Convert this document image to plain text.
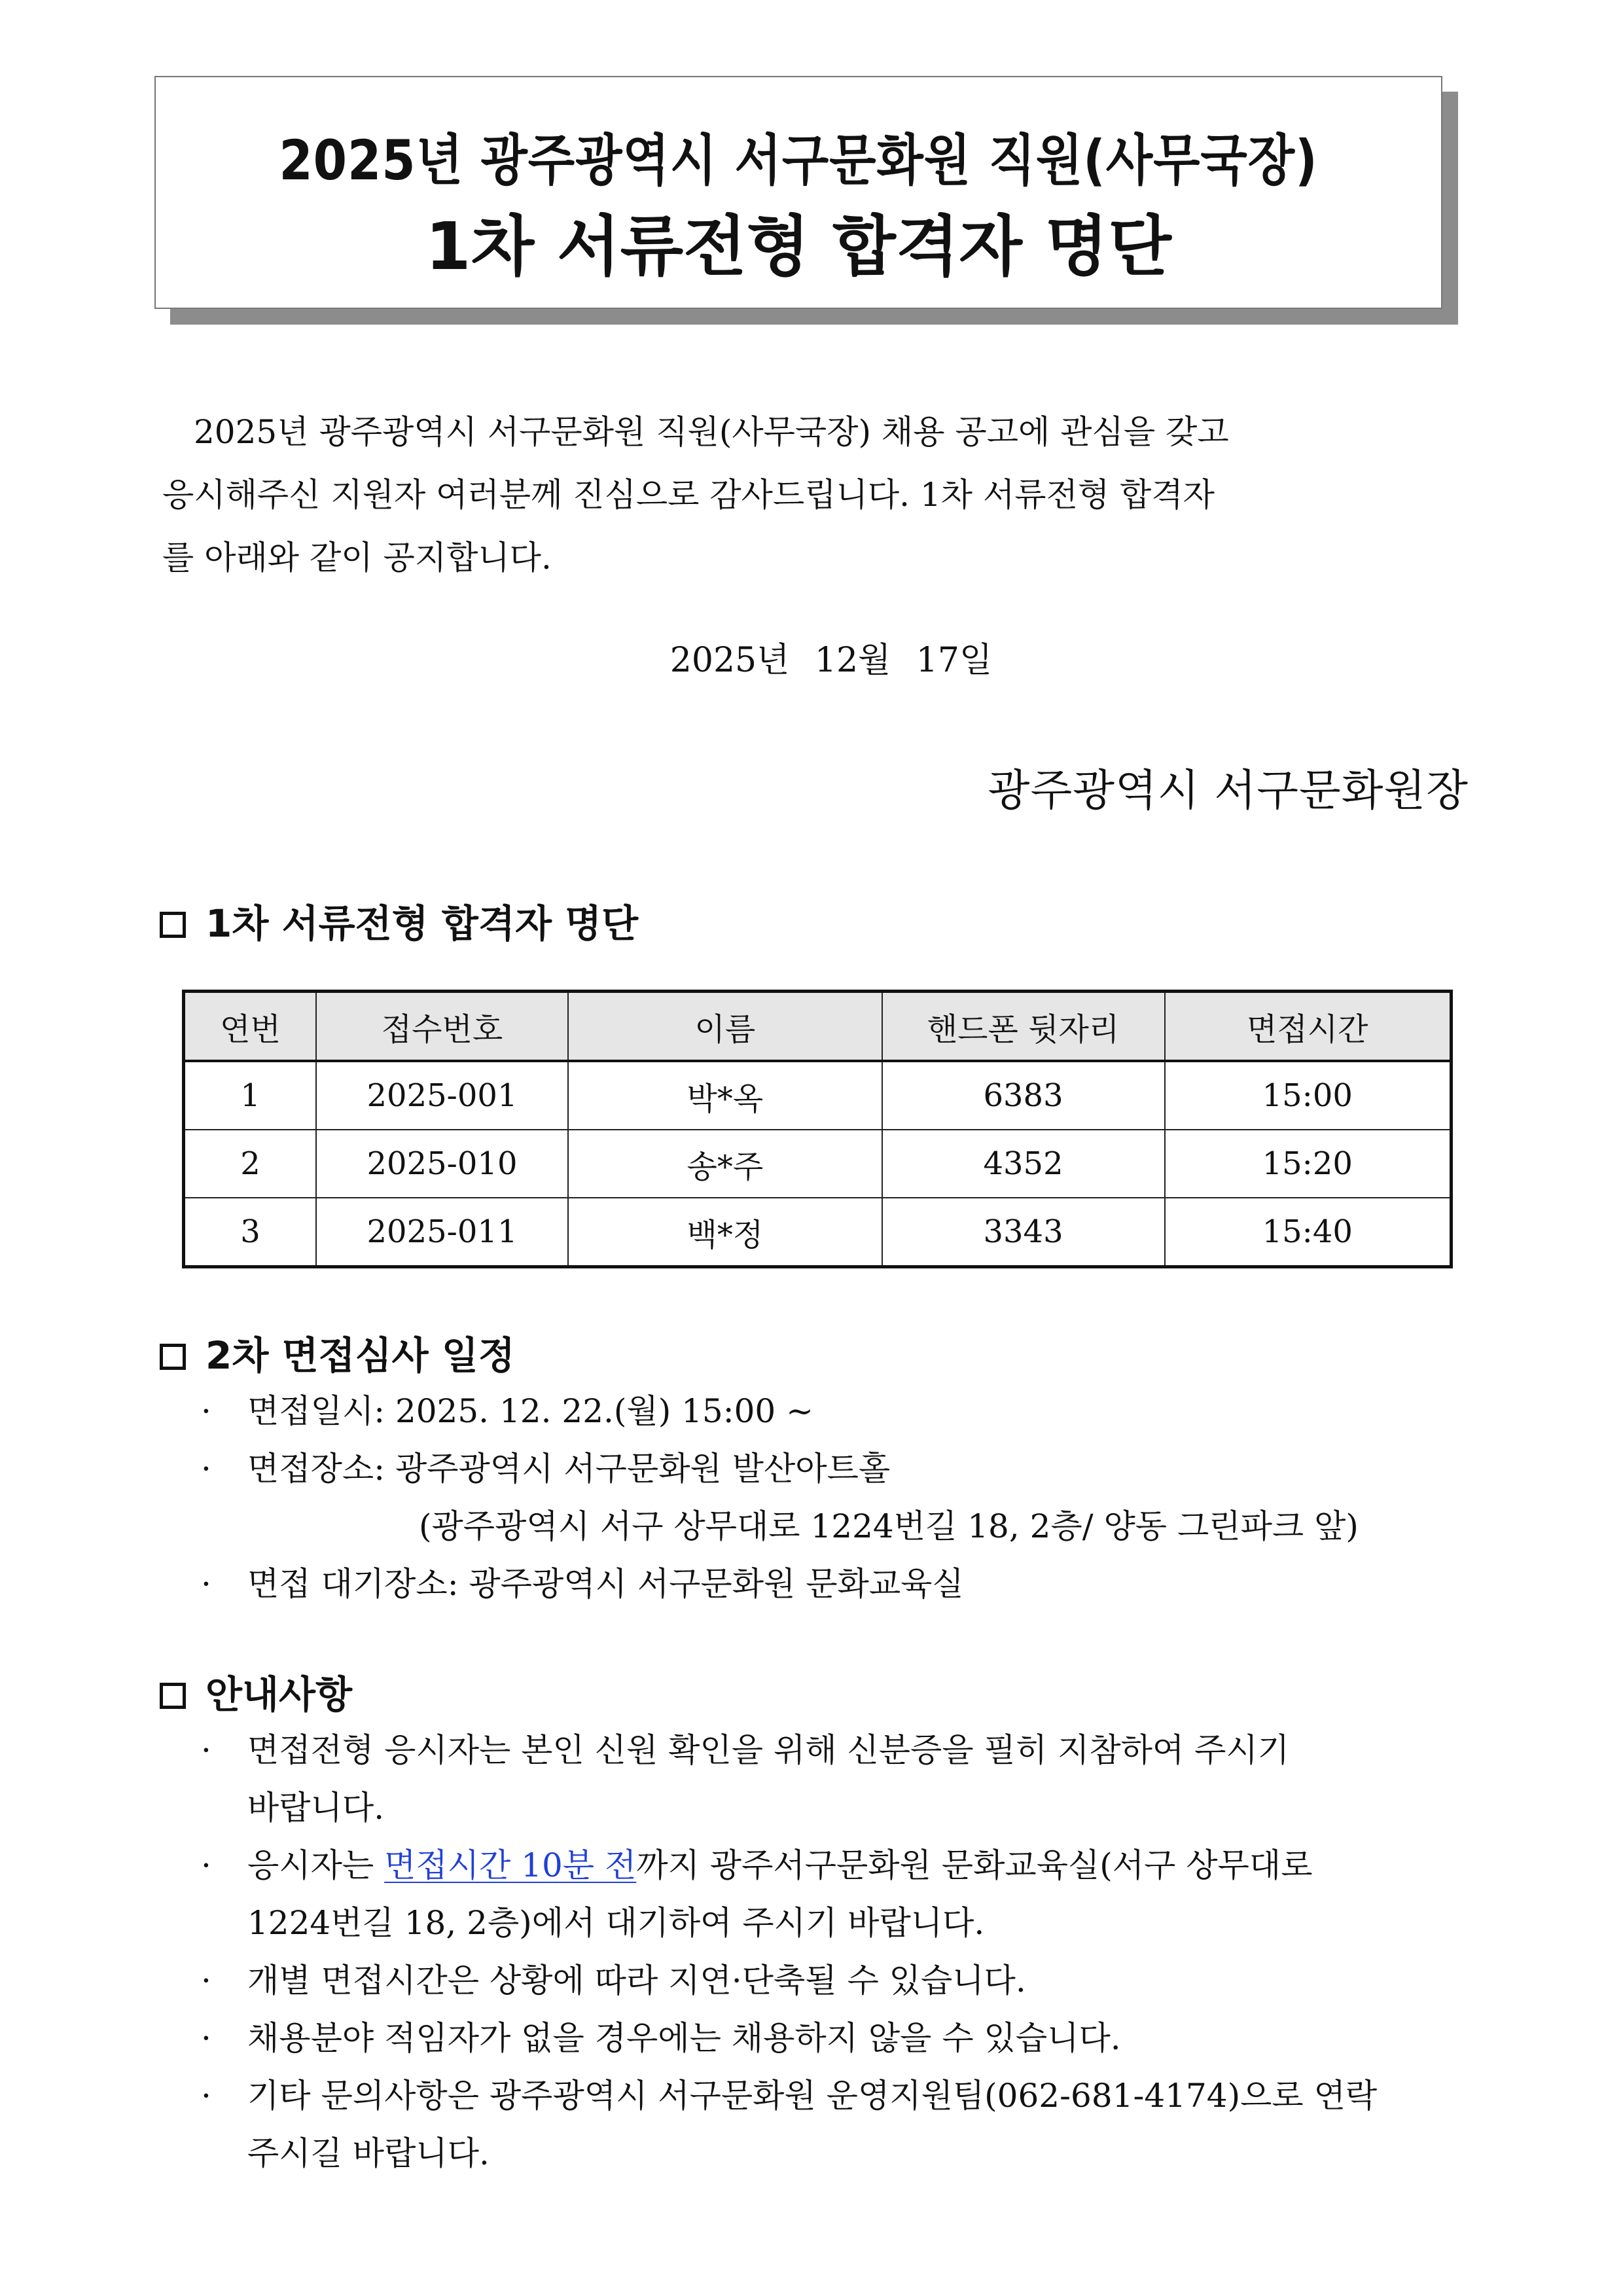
2025년 광주광역시 서구문화원 직원(사무국장)
1차 서류전형 합격자 명단
2025년 광주광역시 서구문화원 직원(사무국장) 채용 공고에 관심을 갖고
응시해주신 지원자 여러분께 진심으로 감사드립니다. 1차 서류전형 합격자
를 아래와 같이 공지합니다.
2025년 12월 17일
광주광역시 서구문화원장
1차 서류전형 합격자 명단
연번	접수번호	이름	핸드폰 뒷자리	면접시간
1	2025-001	박*옥	6383	15:00
2	2025-010	송*주	4352	15:20
3	2025-011	백*정	3343	15:40
2차 면접심사 일정
· 면접일시: 2025. 12. 22.(월) 15:00 ~
· 면접장소: 광주광역시 서구문화원 발산아트홀
(광주광역시 서구 상무대로 1224번길 18, 2층/ 양동 그린파크 앞)
· 면접 대기장소: 광주광역시 서구문화원 문화교육실
안내사항
· 면접전형 응시자는 본인 신원 확인을 위해 신분증을 필히 지참하여 주시기
바랍니다.
· 응시자는 면접시간 10분 전까지 광주서구문화원 문화교육실(서구 상무대로
1224번길 18, 2층)에서 대기하여 주시기 바랍니다.
· 개별 면접시간은 상황에 따라 지연·단축될 수 있습니다.
· 채용분야 적임자가 없을 경우에는 채용하지 않을 수 있습니다.
· 기타 문의사항은 광주광역시 서구문화원 운영지원팀(062-681-4174)으로 연락
주시길 바랍니다.
